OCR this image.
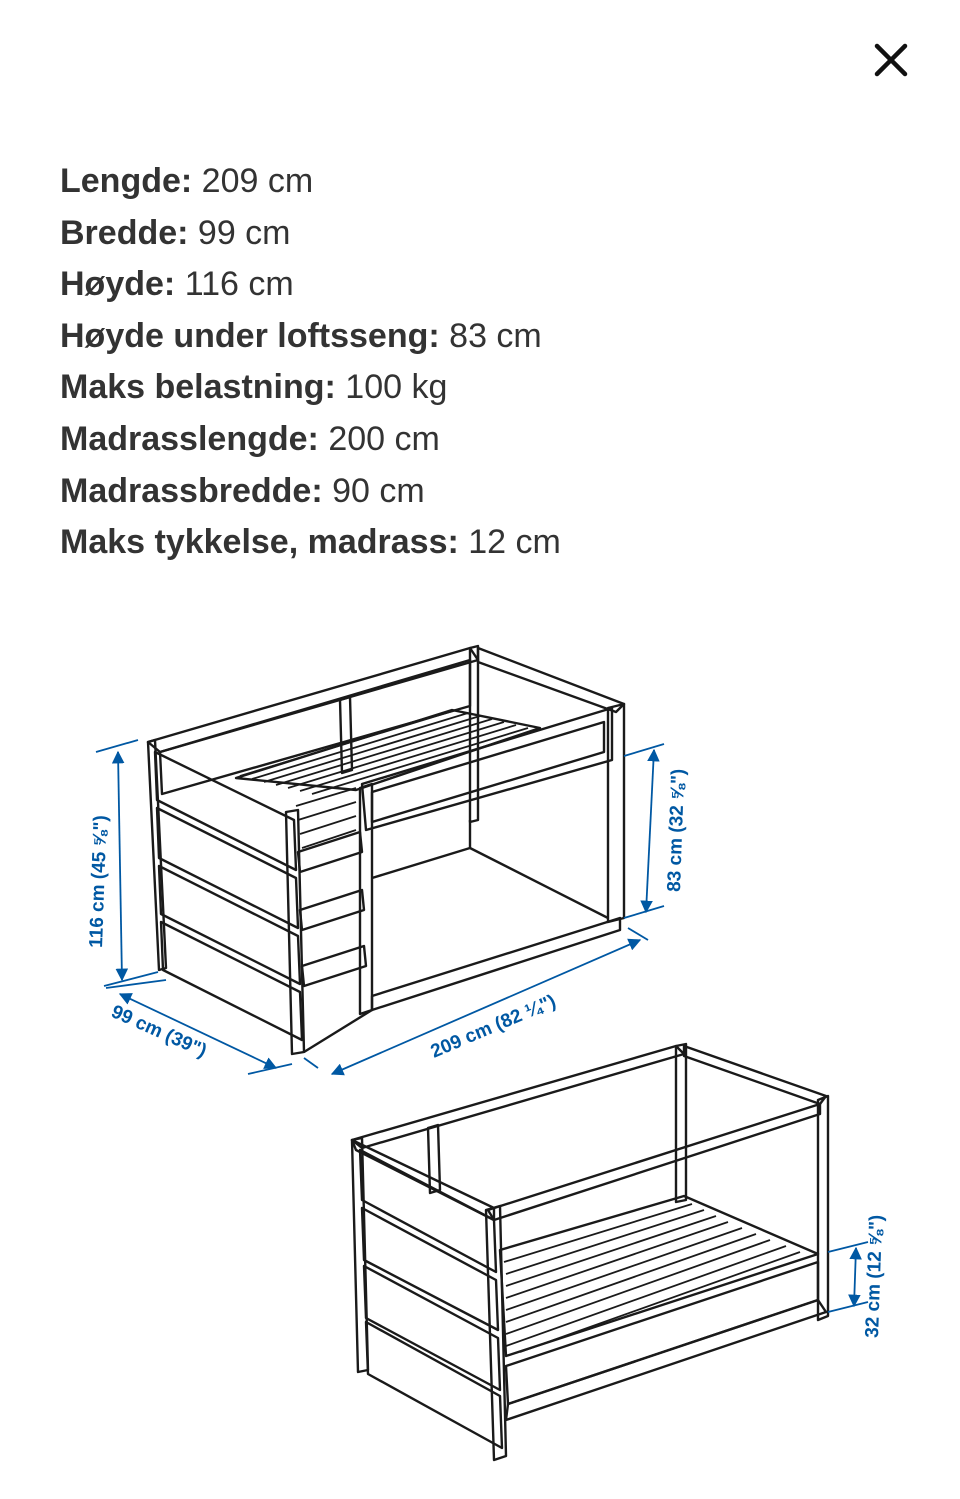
Lengde: 209 cm
Bredde: 99 cm
Høyde: 116 cm
Høyde under loftsseng: 83 cm
Maks belastning: 100 kg
Madrasslengde: 200 cm
Madrassbredde: 90 cm
Maks tykkelse, madrass: 12 cm
116 cm (45 ⅝")
99 cm (39")	209 cm (82 ¼")
83 cm (32 ⅝")
32 cm (12 ⅝")
